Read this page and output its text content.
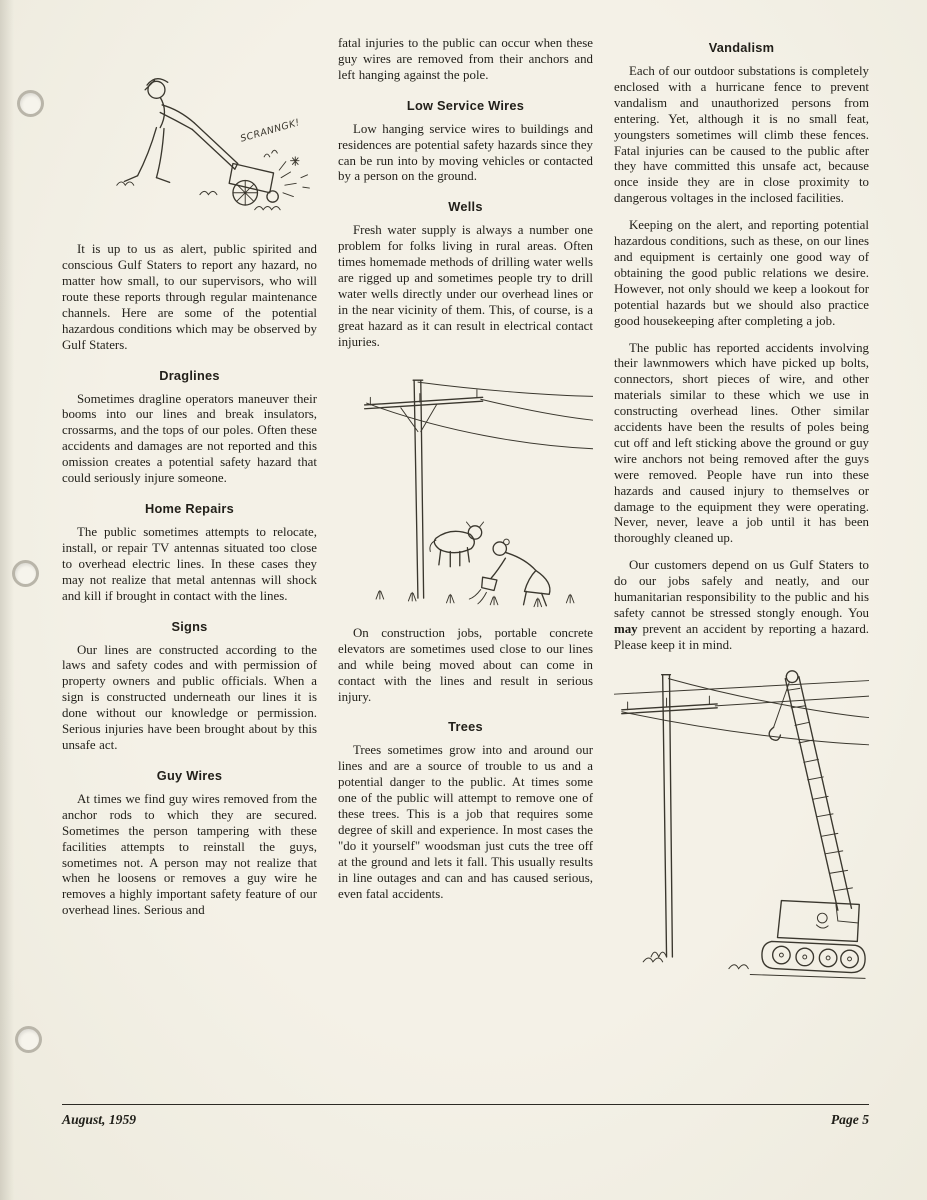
SCRANNGK!

It is up to us as alert, public spirited and conscious Gulf Staters to report any hazard, no matter how small, to our supervisors, who will route these reports through regular maintenance channels. Here are some of the potential hazardous conditions which may be observed by Gulf Staters.

Draglines

Sometimes dragline operators maneuver their booms into our lines and break insulators, crossarms, and the tops of our poles. Often these accidents and damages are not reported and this omission creates a potential safety hazard that could seriously injure someone.

Home Repairs

The public sometimes attempts to relocate, install, or repair TV antennas situated too close to overhead electric lines. In these cases they may not realize that metal antennas will shock and kill if brought in contact with the lines.

Signs

Our lines are constructed according to the laws and safety codes and with permission of property owners and public officials. When a sign is constructed underneath our lines it is done without our knowledge or permission. Serious injuries have been brought about by this unsafe act.

Guy Wires

At times we find guy wires removed from the anchor rods to which they are secured. Sometimes the person tampering with these facilities attempts to reinstall the guys, sometimes not. A person may not realize that when he loosens or removes a guy wire he removes a highly important safety feature of our overhead lines. Serious and

fatal injuries to the public can occur when these guy wires are removed from their anchors and left hanging against the pole.

Low Service Wires

Low hanging service wires to buildings and residences are potential safety hazards since they can be run into by moving vehicles or contacted by a person on the ground.

Wells

Fresh water supply is always a number one problem for folks living in rural areas. Often times homemade methods of drilling water wells are rigged up and sometimes people try to drill water wells directly under our overhead lines or in the near vicinity of them. This, of course, is a great hazard as it can result in electrical contact injuries.

On construction jobs, portable concrete elevators are sometimes used close to our lines and while being moved about can come in contact with the lines and result in serious injury.

Trees

Trees sometimes grow into and around our lines and are a source of trouble to us and a potential danger to the public. At times some one of the public will attempt to remove one of these trees. This is a job that requires some degree of skill and experience. In most cases the "do it yourself" woodsman just cuts the tree off at the ground and lets it fall. This usually results in line outages and can and has caused serious, even fatal accidents.

Vandalism

Each of our outdoor substations is completely enclosed with a hurricane fence to prevent vandalism and unauthorized persons from entering. Yet, although it is no small feat, youngsters sometimes will climb these fences. Fatal injuries can be caused to the public after they have committed this unsafe act, because once inside they are in close proximity to dangerous voltages in the inclosed facilities.

Keeping on the alert, and reporting potential hazardous conditions, such as these, on our lines and equipment is certainly one good way of obtaining the good public relations we desire. However, not only should we keep a lookout for potential hazards but we should also practice good housekeeping after completing a job.

The public has reported accidents involving their lawnmowers which have picked up bolts, connectors, short pieces of wire, and other materials similar to these which we use in constructing overhead lines. Other similar accidents have been the results of poles being cut off and left sticking above the ground or guy wire anchors not being removed after the guys were removed. People have run into these hazards and caused injury to themselves or damage to the equipment they were operating. Never, never, leave a job until it has been thoroughly cleaned up.

Our customers depend on us Gulf Staters to do our jobs safely and neatly, and our humanitarian responsibility to the public and his safety cannot be stressed stongly enough. You may prevent an accident by reporting a hazard. Please keep it in mind.

August, 1959	Page 5
